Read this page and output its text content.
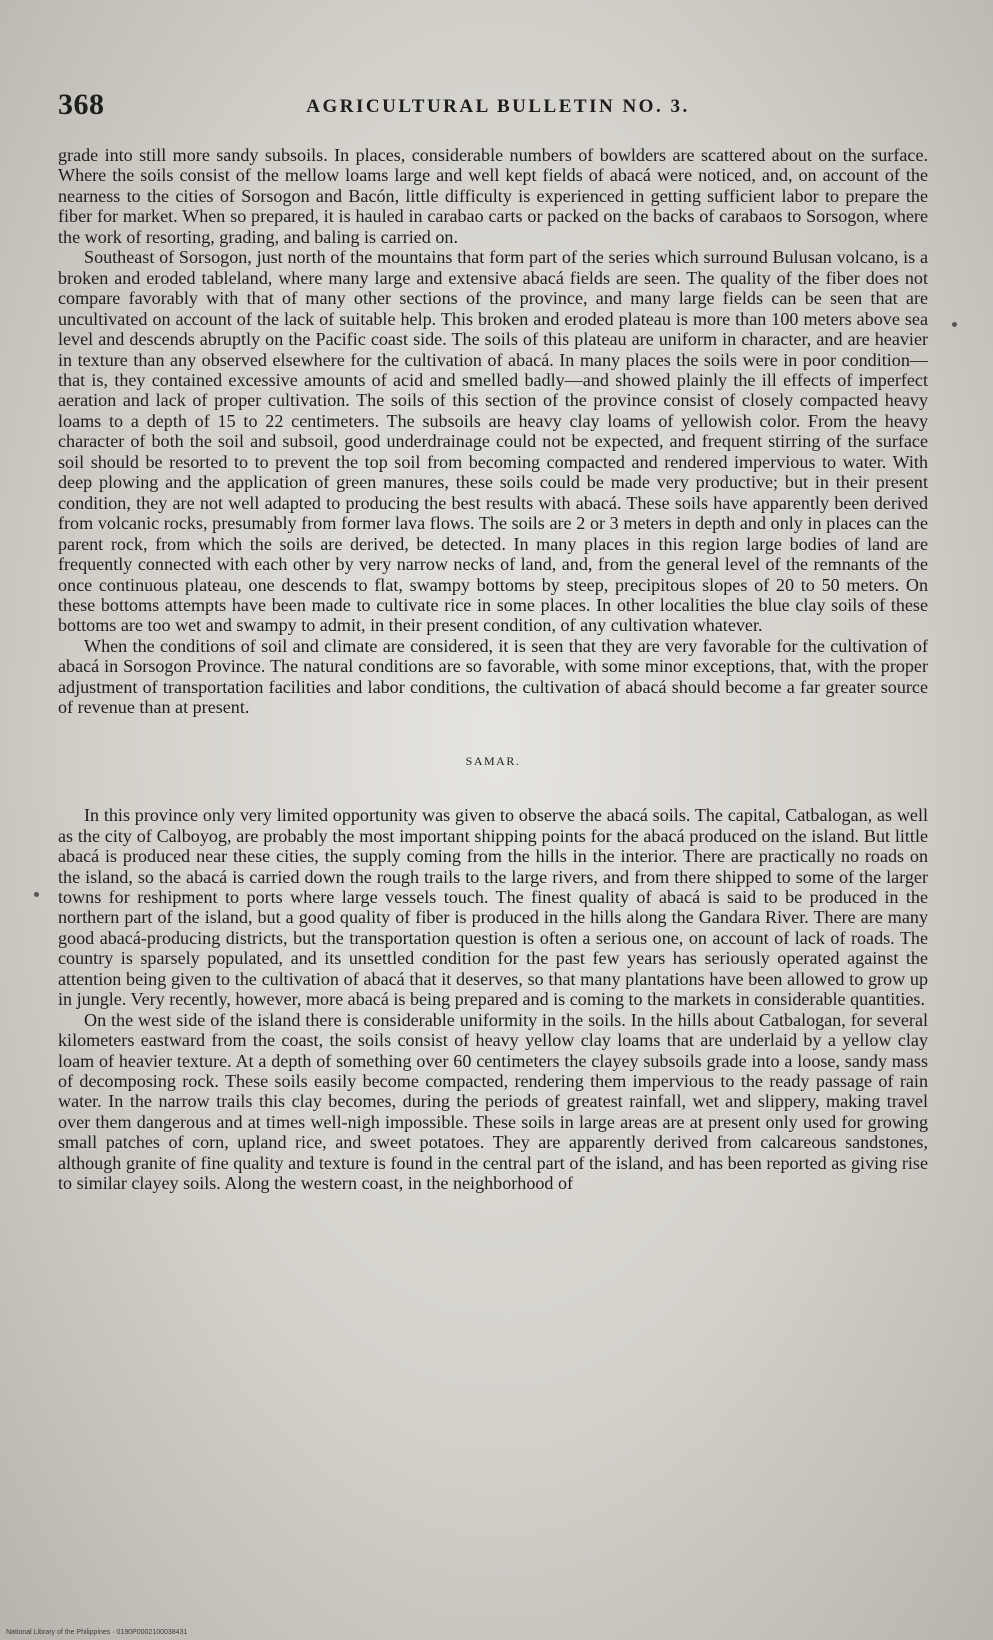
368	AGRICULTURAL BULLETIN NO. 3.

grade into still more sandy subsoils. In places, considerable numbers of bowlders are scattered about on the surface. Where the soils consist of the mellow loams large and well kept fields of abacá were noticed, and, on account of the nearness to the cities of Sorsogon and Bacón, little difficulty is experienced in getting sufficient labor to prepare the fiber for market. When so prepared, it is hauled in carabao carts or packed on the backs of carabaos to Sorsogon, where the work of resorting, grading, and baling is carried on.

Southeast of Sorsogon, just north of the mountains that form part of the series which surround Bulusan volcano, is a broken and eroded tableland, where many large and extensive abacá fields are seen. The quality of the fiber does not compare favorably with that of many other sections of the province, and many large fields can be seen that are uncultivated on account of the lack of suitable help. This broken and eroded plateau is more than 100 meters above sea level and descends abruptly on the Pacific coast side. The soils of this plateau are uniform in character, and are heavier in texture than any observed elsewhere for the cultivation of abacá. In many places the soils were in poor condition—that is, they contained excessive amounts of acid and smelled badly—and showed plainly the ill effects of imperfect aeration and lack of proper cultivation. The soils of this section of the province consist of closely compacted heavy loams to a depth of 15 to 22 centimeters. The subsoils are heavy clay loams of yellowish color. From the heavy character of both the soil and subsoil, good underdrainage could not be expected, and frequent stirring of the surface soil should be resorted to to prevent the top soil from becoming compacted and rendered impervious to water. With deep plowing and the application of green manures, these soils could be made very productive; but in their present condition, they are not well adapted to producing the best results with abacá. These soils have apparently been derived from volcanic rocks, presumably from former lava flows. The soils are 2 or 3 meters in depth and only in places can the parent rock, from which the soils are derived, be detected. In many places in this region large bodies of land are frequently connected with each other by very narrow necks of land, and, from the general level of the remnants of the once continuous plateau, one descends to flat, swampy bottoms by steep, precipitous slopes of 20 to 50 meters. On these bottoms attempts have been made to cultivate rice in some places. In other localities the blue clay soils of these bottoms are too wet and swampy to admit, in their present condition, of any cultivation whatever.

When the conditions of soil and climate are considered, it is seen that they are very favorable for the cultivation of abacá in Sorsogon Province. The natural conditions are so favorable, with some minor exceptions, that, with the proper adjustment of transportation facilities and labor conditions, the cultivation of abacá should become a far greater source of revenue than at present.

SAMAR.

In this province only very limited opportunity was given to observe the abacá soils. The capital, Catbalogan, as well as the city of Calboyog, are probably the most important shipping points for the abacá produced on the island. But little abacá is produced near these cities, the supply coming from the hills in the interior. There are practically no roads on the island, so the abacá is carried down the rough trails to the large rivers, and from there shipped to some of the larger towns for reshipment to ports where large vessels touch. The finest quality of abacá is said to be produced in the northern part of the island, but a good quality of fiber is produced in the hills along the Gandara River. There are many good abacá-producing districts, but the transportation question is often a serious one, on account of lack of roads. The country is sparsely populated, and its unsettled condition for the past few years has seriously operated against the attention being given to the cultivation of abacá that it deserves, so that many plantations have been allowed to grow up in jungle. Very recently, however, more abacá is being prepared and is coming to the markets in considerable quantities.

On the west side of the island there is considerable uniformity in the soils. In the hills about Catbalogan, for several kilometers eastward from the coast, the soils consist of heavy yellow clay loams that are underlaid by a yellow clay loam of heavier texture. At a depth of something over 60 centimeters the clayey subsoils grade into a loose, sandy mass of decomposing rock. These soils easily become compacted, rendering them impervious to the ready passage of rain water. In the narrow trails this clay becomes, during the periods of greatest rainfall, wet and slippery, making travel over them dangerous and at times well-nigh impossible. These soils in large areas are at present only used for growing small patches of corn, upland rice, and sweet potatoes. They are apparently derived from calcareous sandstones, although granite of fine quality and texture is found in the central part of the island, and has been reported as giving rise to similar clayey soils. Along the western coast, in the neighborhood of

National Library of the Philippines · 0190P0002100038431
